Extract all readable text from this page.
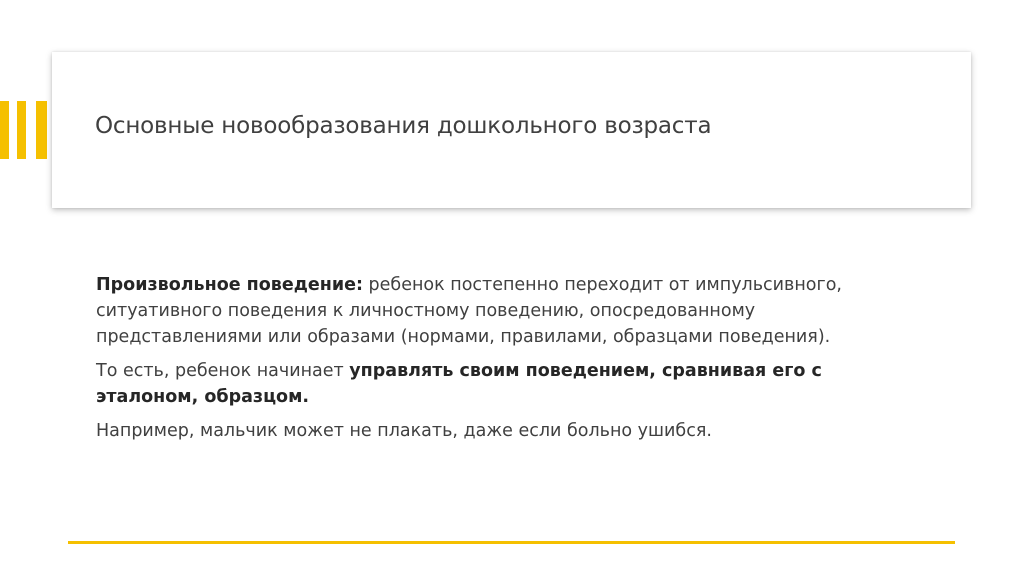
Основные новообразования дошкольного возраста

Произвольное поведение: ребенок постепенно переходит от импульсивного, ситуативного поведения к личностному поведению, опосредованному представлениями или образами (нормами, правилами, образцами поведения).

То есть, ребенок начинает управлять своим поведением, сравнивая его с эталоном, образцом.

Например, мальчик может не плакать, даже если больно ушибся.
